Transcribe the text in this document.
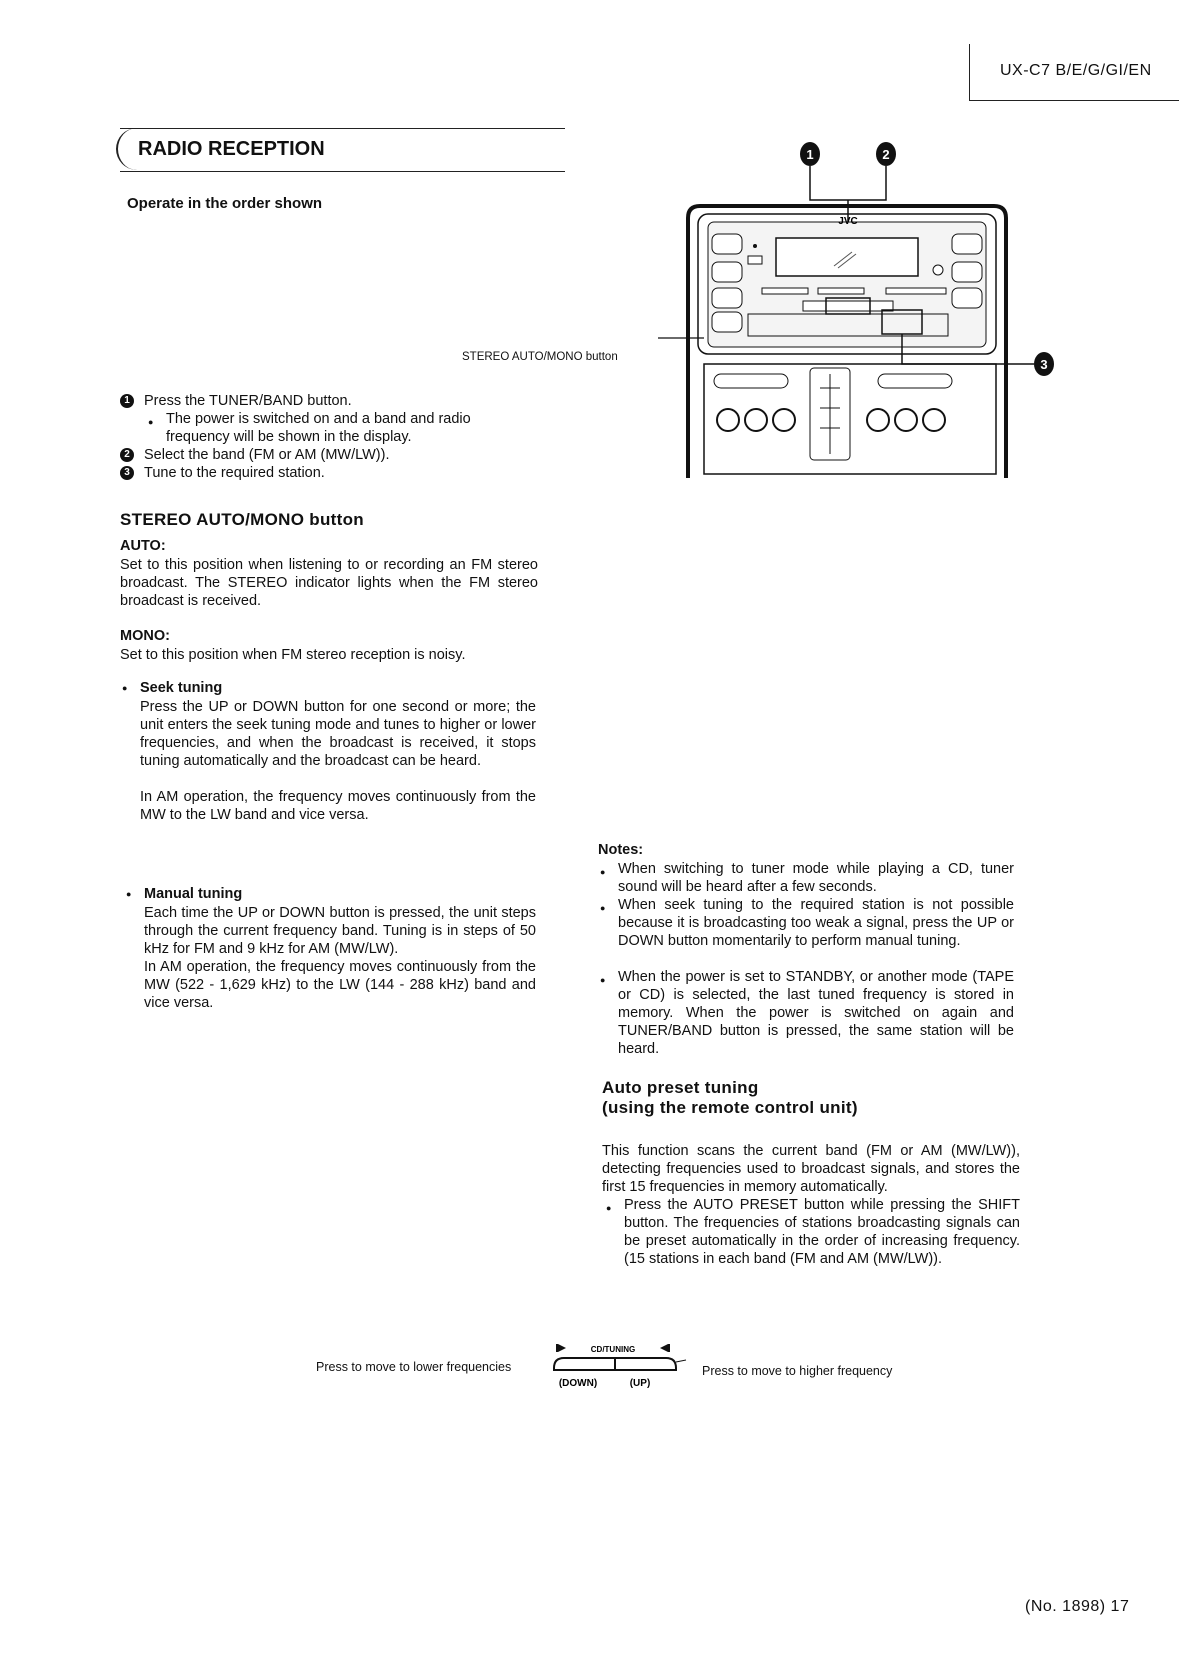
UX-C7 B/E/G/GI/EN
RADIO RECEPTION
Operate in the order shown
1	2
JVC
3
STEREO AUTO/MONO button
1 Press the TUNER/BAND button.
● The power is switched on and a band and radio frequency will be shown in the display.
2 Select the band (FM or AM (MW/LW)).
3 Tune to the required station.
STEREO AUTO/MONO button
AUTO:
Set to this position when listening to or recording an FM stereo broadcast. The STEREO indicator lights when the FM stereo broadcast is received.
MONO:
Set to this position when FM stereo reception is noisy.
● Seek tuning
Press the UP or DOWN button for one second or more; the unit enters the seek tuning mode and tunes to higher or lower frequencies, and when the broadcast is received, it stops tuning automatically and the broadcast can be heard.
In AM operation, the frequency moves continuously from the MW to the LW band and vice versa.
● Manual tuning
Each time the UP or DOWN button is pressed, the unit steps through the current frequency band. Tuning is in steps of 50 kHz for FM and 9 kHz for AM (MW/LW).
In AM operation, the frequency moves continuously from the MW (522 - 1,629 kHz) to the LW (144 - 288 kHz) band and vice versa.
Notes:
● When switching to tuner mode while playing a CD, tuner sound will be heard after a few seconds.
● When seek tuning to the required station is not possible because it is broadcasting too weak a signal, press the UP or DOWN button momentarily to perform manual tuning.
● When the power is set to STANDBY, or another mode (TAPE or CD) is selected, the last tuned frequency is stored in memory. When the power is switched on again and TUNER/BAND button is pressed, the same station will be heard.
Auto preset tuning
(using the remote control unit)
This function scans the current band (FM or AM (MW/LW)), detecting frequencies used to broadcast signals, and stores the first 15 frequencies in memory automatically.
● Press the AUTO PRESET button while pressing the SHIFT button. The frequencies of stations broadcasting signals can be preset automatically in the order of increasing frequency.(15 stations in each band (FM and AM (MW/LW)).
Press to move to lower frequencies
CD/TUNING
(DOWN)	(UP)
Press to move to higher frequency
(No. 1898) 17
